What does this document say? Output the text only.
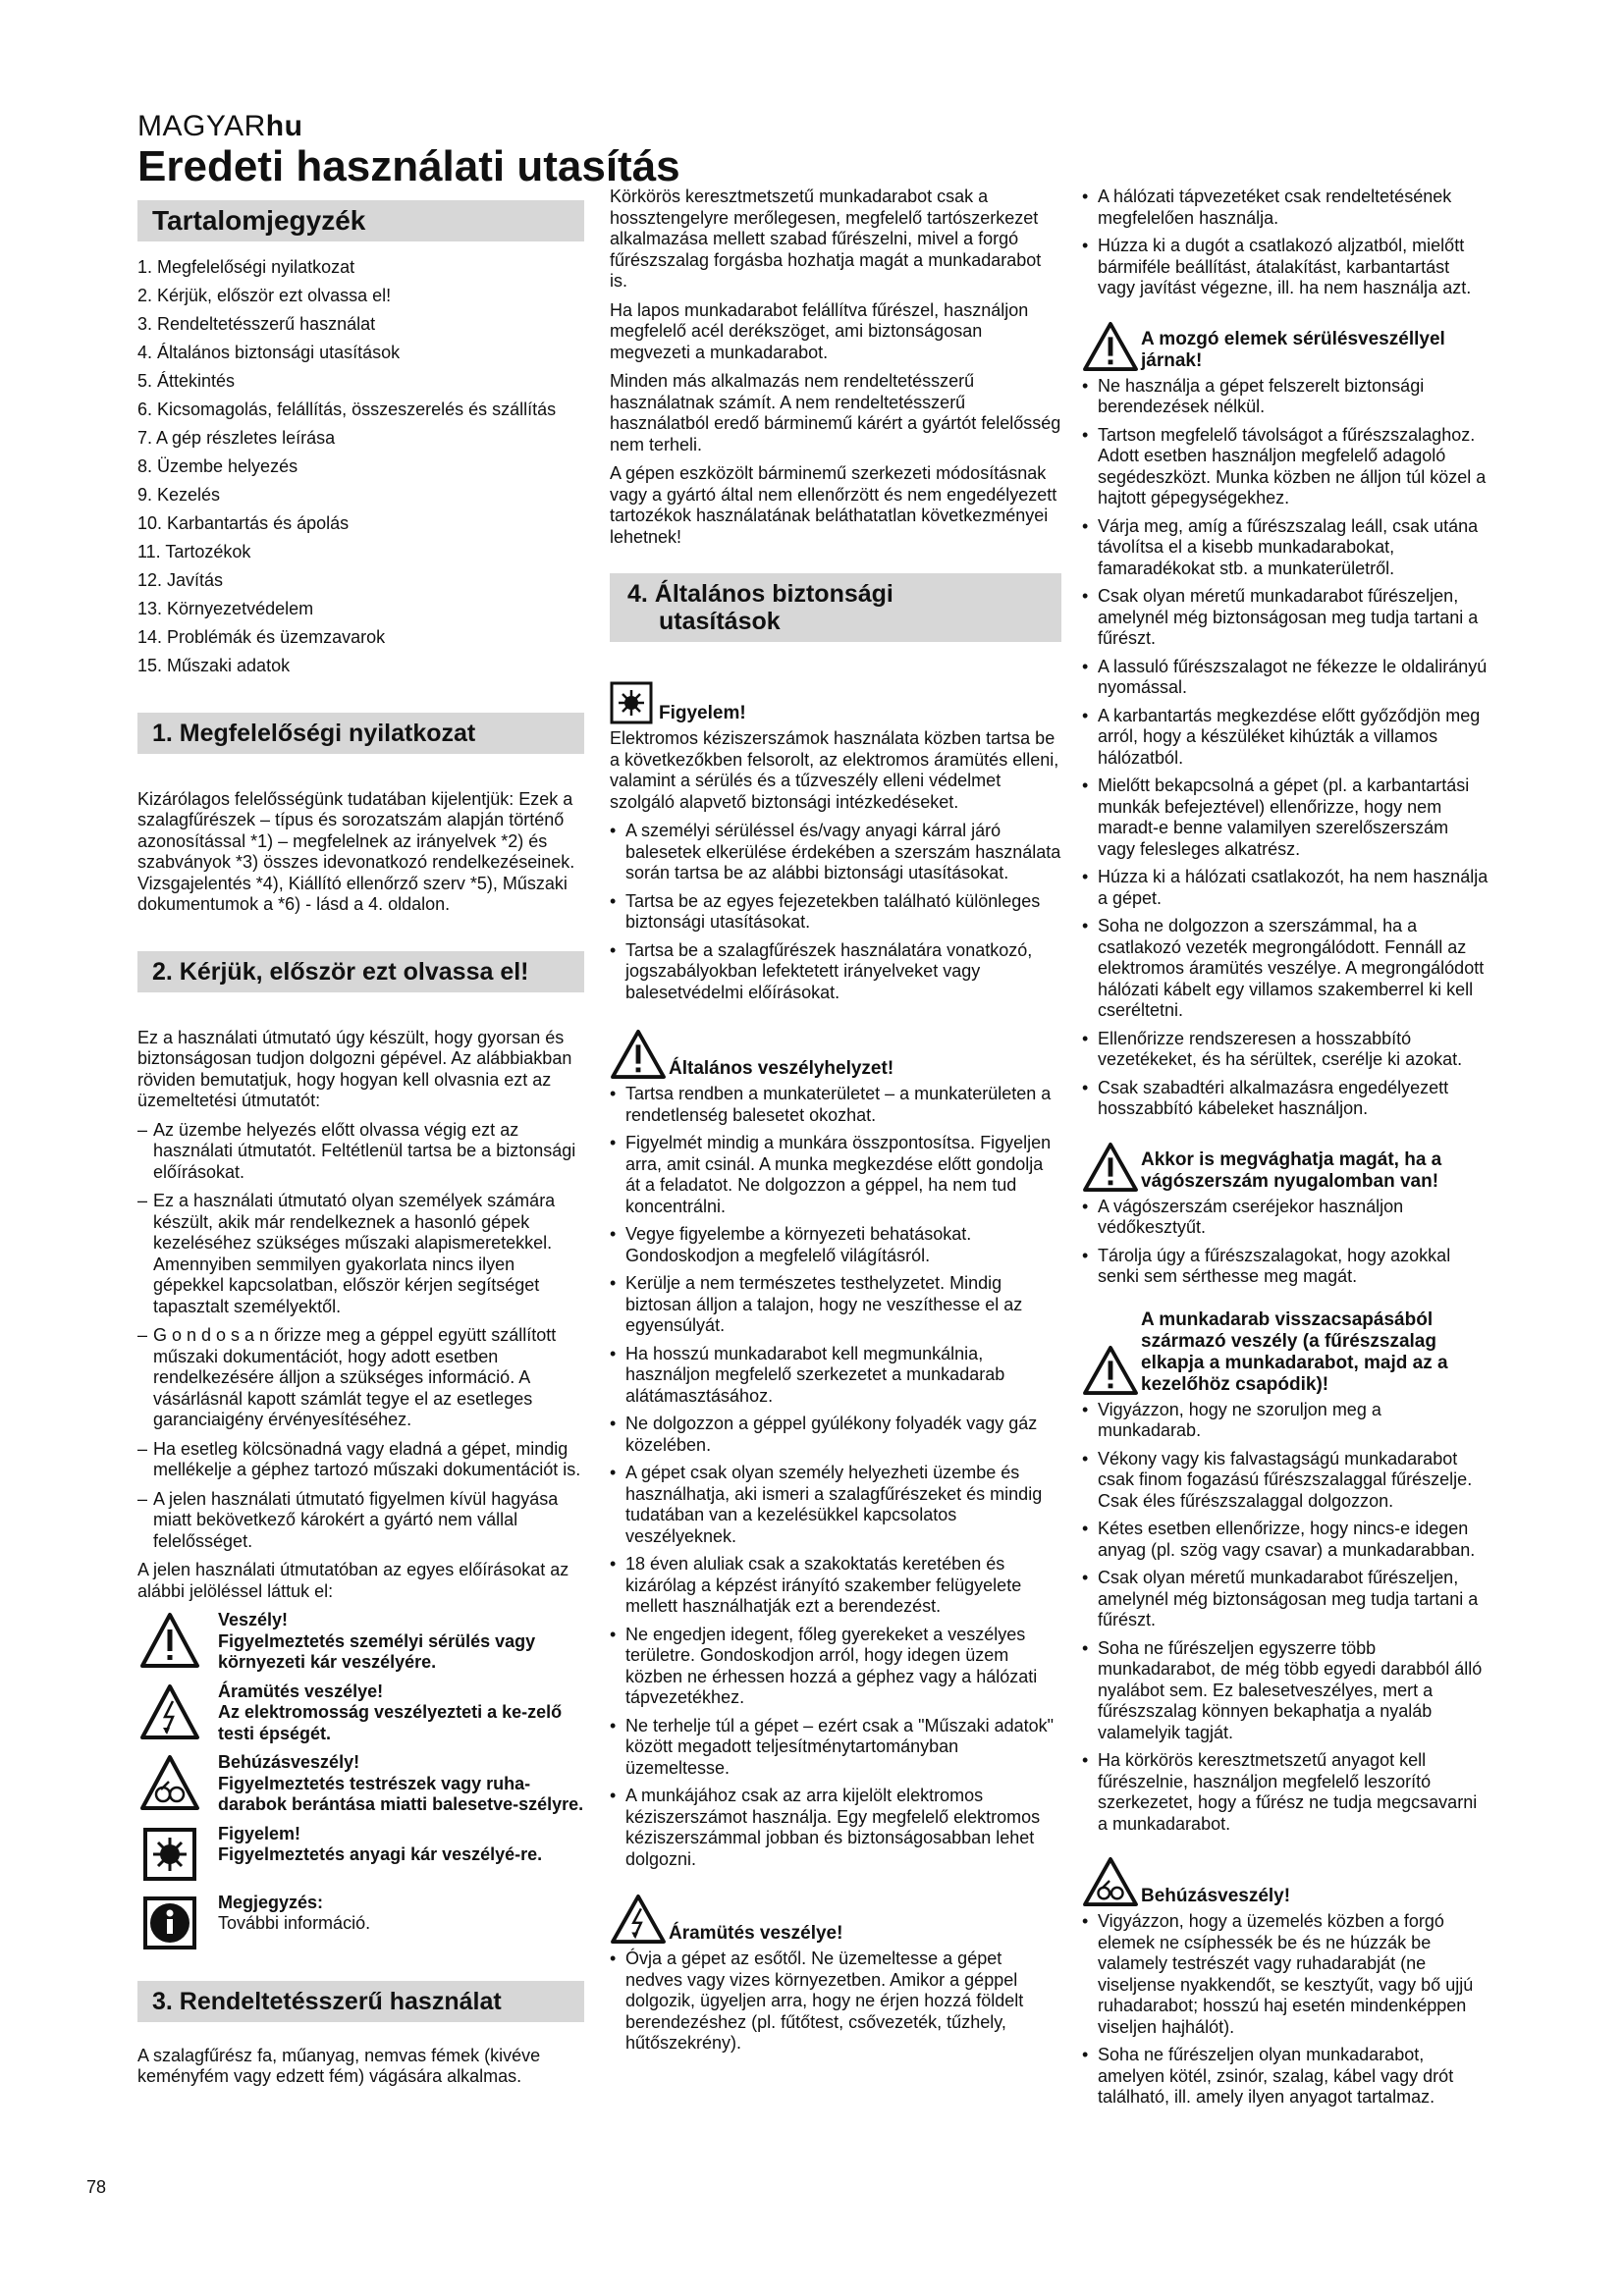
MAGYARhu
Eredeti használati utasítás
Tartalomjegyzék
1. Megfelelőségi nyilatkozat
2. Kérjük, először ezt olvassa el!
3. Rendeltetésszerű használat
4. Általános biztonsági utasítások
5. Áttekintés
6. Kicsomagolás, felállítás, összeszerelés és szállítás
7. A gép részletes leírása
8. Üzembe helyezés
9. Kezelés
10. Karbantartás és ápolás
11. Tartozékok
12. Javítás
13. Környezetvédelem
14. Problémák és üzemzavarok
15. Műszaki adatok
1. Megfelelőségi nyilatkozat

Kizárólagos felelősségünk tudatában kijelentjük: Ezek a szalagfűrészek – típus és sorozatszám alapján történő azonosítással *1) – megfelelnek az irányelvek *2) és szabványok *3) összes idevonatkozó rendelkezéseinek. Vizsgajelentés *4), Kiállító ellenőrző szerv *5), Műszaki dokumentumok a *6) - lásd a 4. oldalon.

2. Kérjük, először ezt olvassa el!

Ez a használati útmutató úgy készült, hogy gyorsan és biztonságosan tudjon dolgozni gépével. Az alábbiakban röviden bemutatjuk, hogy hogyan kell olvasnia ezt az üzemeltetési útmutatót:

– Az üzembe helyezés előtt olvassa végig ezt az használati útmutatót. Feltétlenül tartsa be a biztonsági előírásokat.
– Ez a használati útmutató olyan személyek számára készült, akik már rendelkeznek a hasonló gépek kezeléséhez szükséges műszaki alapismeretekkel. Amennyiben semmilyen gyakorlata nincs ilyen gépekkel kapcsolatban, először kérjen segítséget tapasztalt személyektől.
– G o n d o s a n őrizze meg a géppel együtt szállított műszaki dokumentációt, hogy adott esetben rendelkezésére álljon a szükséges információ. A vásárlásnál kapott számlát tegye el az esetleges garanciaigény érvényesítéséhez.
– Ha esetleg kölcsönadná vagy eladná a gépet, mindig mellékelje a géphez tartozó műszaki dokumentációt is.
– A jelen használati útmutató figyelmen kívül hagyása miatt bekövetkező károkért a gyártó nem vállal felelősséget.

A jelen használati útmutatóban az egyes előírásokat az alábbi jelöléssel láttuk el:

Veszély!
Figyelmeztetés személyi sérülés vagy környezeti kár veszélyére.
Áramütés veszélye!
Az elektromosság veszélyezteti a ke-zelő testi épségét.
Behúzásveszély!
Figyelmeztetés testrészek vagy ruha-darabok berántása miatti balesetve-szélyre.
Figyelem!
Figyelmeztetés anyagi kár veszélyé-re.
Megjegyzés:
További információ.
3. Rendeltetésszerű használat

A szalagfűrész fa, műanyag, nemvas fémek (kivéve keményfém vagy edzett fém) vágására alkalmas.

Körkörös keresztmetszetű munkadarabot csak a hossztengelyre merőlegesen, megfelelő tartószerkezet alkalmazása mellett szabad fűrészelni, mivel a forgó fűrészszalag forgásba hozhatja magát a munkadarabot is.

Ha lapos munkadarabot felállítva fűrészel, használjon megfelelő acél derékszöget, ami biztonságosan megvezeti a munkadarabot.

Minden más alkalmazás nem rendeltetésszerű használatnak számít. A nem rendeltetésszerű használatból eredő bárminemű kárért a gyártót felelősség nem terheli.

A gépen eszközölt bárminemű szerkezeti módosításnak vagy a gyártó által nem ellenőrzött és nem engedélyezett tartozékok használatának beláthatatlan következményei lehetnek!

4. Általános biztonsági
utasítások
Figyelem!

Elektromos kéziszerszámok használata közben tartsa be a következőkben felsorolt, az elektromos áramütés elleni, valamint a sérülés és a tűzveszély elleni védelmet szolgáló alapvető biztonsági intézkedéseket.

• A személyi sérüléssel és/vagy anyagi kárral járó balesetek elkerülése érdekében a szerszám használata során tartsa be az alábbi biztonsági utasításokat.
• Tartsa be az egyes fejezetekben található különleges biztonsági utasításokat.
• Tartsa be a szalagfűrészek használatára vonatkozó, jogszabályokban lefektetett irányelveket vagy balesetvédelmi előírásokat.
Általános veszélyhelyzet!
• Tartsa rendben a munkaterületet – a munkaterületen a rendetlenség balesetet okozhat.
• Figyelmét mindig a munkára összpontosítsa. Figyeljen arra, amit csinál. A munka megkezdése előtt gondolja át a feladatot. Ne dolgozzon a géppel, ha nem tud koncentrálni.
• Vegye figyelembe a környezeti behatásokat. Gondoskodjon a megfelelő világításról.
• Kerülje a nem természetes testhelyzetet. Mindig biztosan álljon a talajon, hogy ne veszíthesse el az egyensúlyát.
• Ha hosszú munkadarabot kell megmunkálnia, használjon megfelelő szerkezetet a munkadarab alátámasztásához.
• Ne dolgozzon a géppel gyúlékony folyadék vagy gáz közelében.
• A gépet csak olyan személy helyezheti üzembe és használhatja, aki ismeri a szalagfűrészeket és mindig tudatában van a kezelésükkel kapcsolatos veszélyeknek.
• 18 éven aluliak csak a szakoktatás keretében és kizárólag a képzést irányító szakember felügyelete mellett használhatják ezt a berendezést.
• Ne engedjen idegent, főleg gyerekeket a veszélyes területre. Gondoskodjon arról, hogy idegen üzem közben ne érhessen hozzá a géphez vagy a hálózati tápvezetékhez.
• Ne terhelje túl a gépet – ezért csak a "Műszaki adatok" között megadott teljesítménytartományban üzemeltesse.
• A munkájához csak az arra kijelölt elektromos kéziszerszámot használja. Egy megfelelő elektromos kéziszerszámmal jobban és biztonságosabban lehet dolgozni.
Áramütés veszélye!
• Óvja a gépet az esőtől. Ne üzemeltesse a gépet nedves vagy vizes környezetben. Amikor a géppel dolgozik, ügyeljen arra, hogy ne érjen hozzá földelt berendezéshez (pl. fűtőtest, csővezeték, tűzhely, hűtőszekrény).
• A hálózati tápvezetéket csak rendeltetésének megfelelően használja.
• Húzza ki a dugót a csatlakozó aljzatból, mielőtt bármiféle beállítást, átalakítást, karbantartást vagy javítást végezne, ill. ha nem használja azt.
A mozgó elemek sérülésveszéllyel járnak!
• Ne használja a gépet felszerelt biztonsági berendezések nélkül.
• Tartson megfelelő távolságot a fűrészszalaghoz. Adott esetben használjon megfelelő adagoló segédeszközt. Munka közben ne álljon túl közel a hajtott gépegységekhez.
• Várja meg, amíg a fűrészszalag leáll, csak utána távolítsa el a kisebb munkadarabokat, famaradékokat stb. a munkaterületről.
• Csak olyan méretű munkadarabot fűrészeljen, amelynél még biztonságosan meg tudja tartani a fűrészt.
• A lassuló fűrészszalagot ne fékezze le oldalirányú nyomással.
• A karbantartás megkezdése előtt győződjön meg arról, hogy a készüléket kihúzták a villamos hálózatból.
• Mielőtt bekapcsolná a gépet (pl. a karbantartási munkák befejeztével) ellenőrizze, hogy nem maradt-e benne valamilyen szerelőszerszám vagy felesleges alkatrész.
• Húzza ki a hálózati csatlakozót, ha nem használja a gépet.
• Soha ne dolgozzon a szerszámmal, ha a csatlakozó vezeték megrongálódott. Fennáll az elektromos áramütés veszélye. A megrongálódott hálózati kábelt egy villamos szakemberrel ki kell cseréltetni.
• Ellenőrizze rendszeresen a hosszabbító vezetékeket, és ha sérültek, cserélje ki azokat.
• Csak szabadtéri alkalmazásra engedélyezett hosszabbító kábeleket használjon.
Akkor is megvághatja magát, ha a vágószerszám nyugalomban van!
• A vágószerszám cseréjekor használjon védőkesztyűt.
• Tárolja úgy a fűrészszalagokat, hogy azokkal senki sem sérthesse meg magát.
A munkadarab visszacsapásából származó veszély (a fűrészszalag elkapja a munkadarabot, majd az a kezelőhöz csapódik)!
• Vigyázzon, hogy ne szoruljon meg a munkadarab.
• Vékony vagy kis falvastagságú munkadarabot csak finom fogazású fűrészszalaggal fűrészelje. Csak éles fűrészszalaggal dolgozzon.
• Kétes esetben ellenőrizze, hogy nincs-e idegen anyag (pl. szög vagy csavar) a munkadarabban.
• Csak olyan méretű munkadarabot fűrészeljen, amelynél még biztonságosan meg tudja tartani a fűrészt.
• Soha ne fűrészeljen egyszerre több munkadarabot, de még több egyedi darabból álló nyalábot sem. Ez balesetveszélyes, mert a fűrészszalag könnyen bekaphatja a nyaláb valamelyik tagját.
• Ha körkörös keresztmetszetű anyagot kell fűrészelnie, használjon megfelelő leszorító szerkezetet, hogy a fűrész ne tudja megcsavarni a munkadarabot.
Behúzásveszély!
• Vigyázzon, hogy a üzemelés közben a forgó elemek ne csíphessék be és ne húzzák be valamely testrészét vagy ruhadarabját (ne viseljense nyakkendőt, se kesztyűt, vagy bő ujjú ruhadarabot; hosszú haj esetén mindenképpen viseljen hajhálót).
• Soha ne fűrészeljen olyan munkadarabot, amelyen kötél, zsinór, szalag, kábel vagy drót található, ill. amely ilyen anyagot tartalmaz.
78
